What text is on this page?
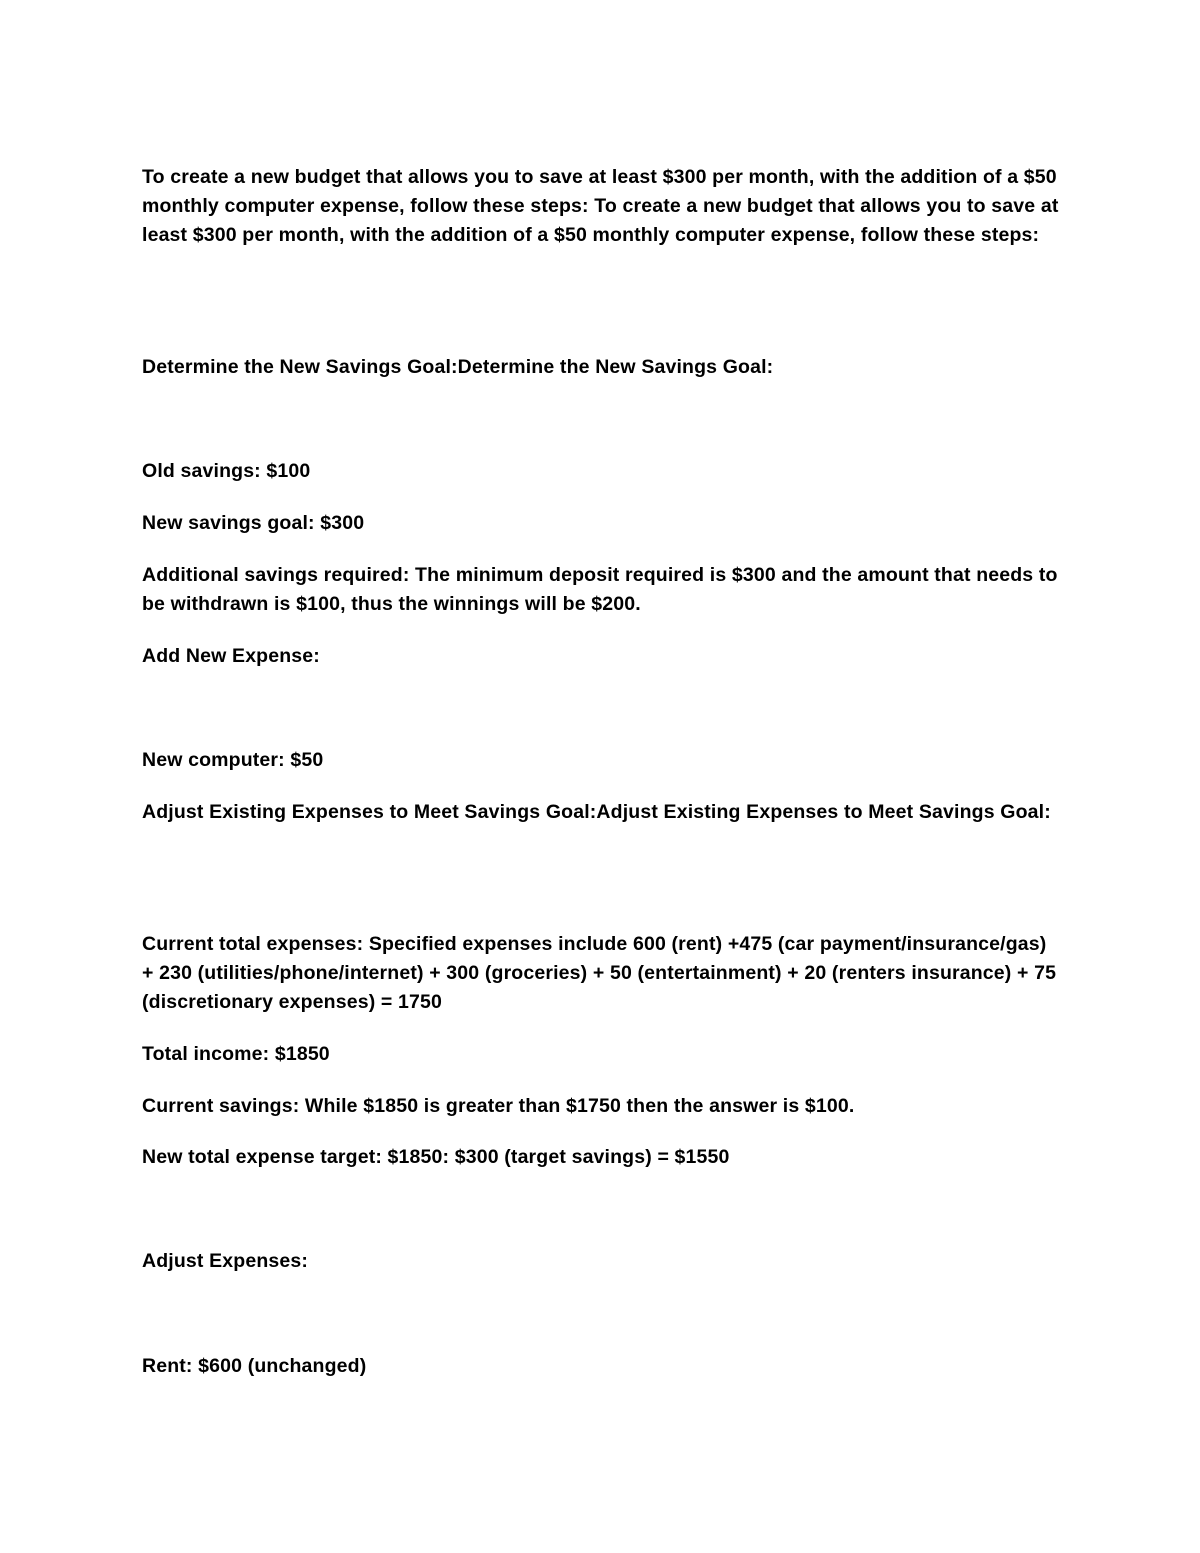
To create a new budget that allows you to save at least $300 per month, with the addition of a $50 monthly computer expense, follow these steps: To create a new budget that allows you to save at least $300 per month, with the addition of a $50 monthly computer expense, follow these steps:

Determine the New Savings Goal:Determine the New Savings Goal:

Old savings: $100

New savings goal: $300

Additional savings required: The minimum deposit required is $300 and the amount that needs to be withdrawn is $100, thus the winnings will be $200.

Add New Expense:

New computer: $50

Adjust Existing Expenses to Meet Savings Goal:Adjust Existing Expenses to Meet Savings Goal:

Current total expenses: Specified expenses include 600 (rent) +475 (car payment/insurance/gas) + 230 (utilities/phone/internet) + 300 (groceries) + 50 (entertainment) + 20 (renters insurance) + 75 (discretionary expenses) = 1750

Total income: $1850

Current savings: While $1850 is greater than $1750 then the answer is $100.

New total expense target: $1850: $300 (target savings) = $1550

Adjust Expenses:

Rent: $600 (unchanged)
